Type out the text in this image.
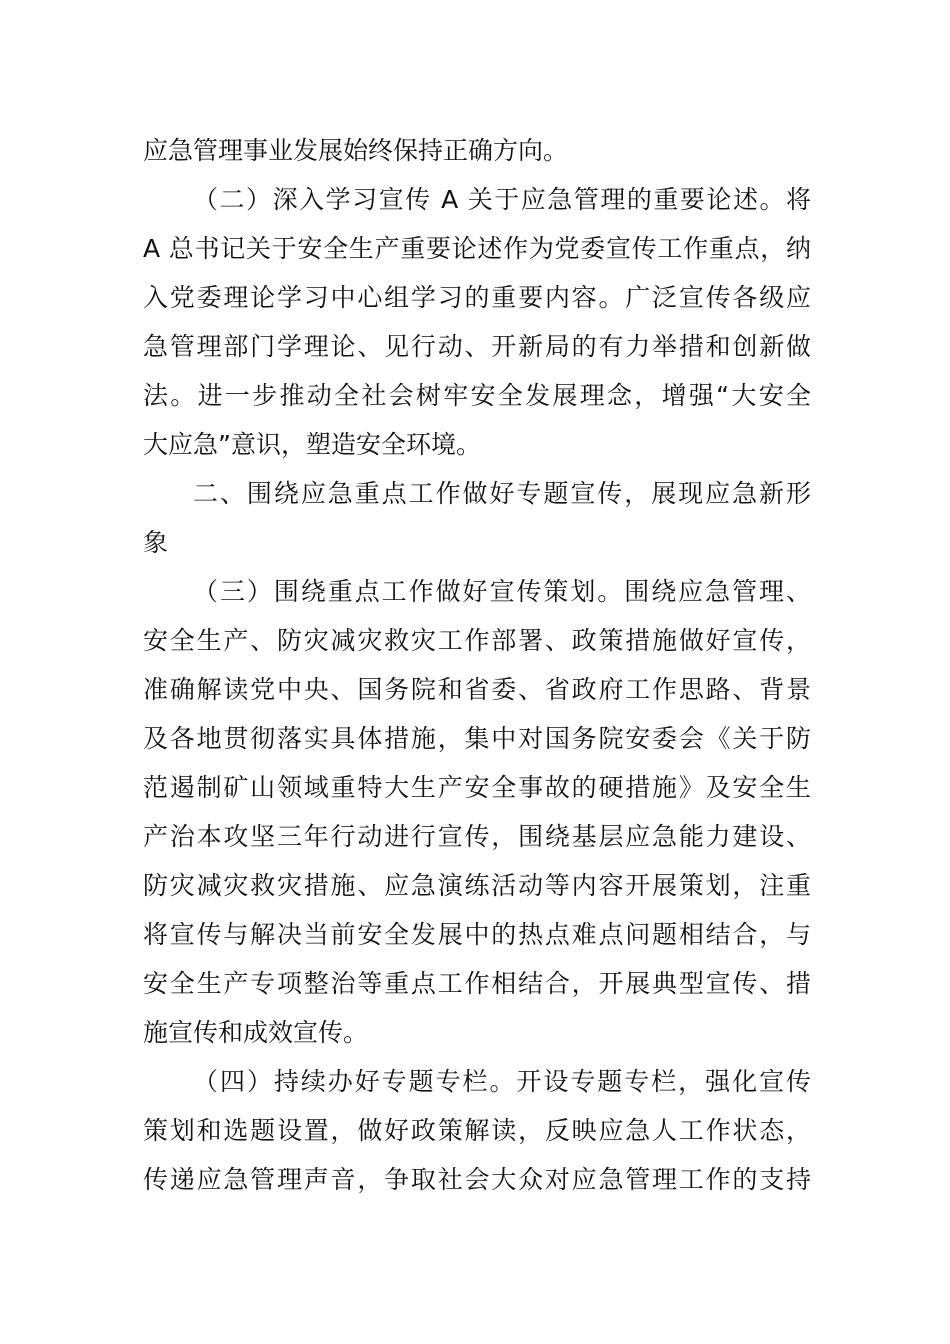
应急管理事业发展始终保持正确方向。
（二）深入学习宣传 A 关于应急管理的重要论述。将
A 总书记关于安全生产重要论述作为党委宣传工作重点，纳
入党委理论学习中心组学习的重要内容。广泛宣传各级应
急管理部门学理论、见行动、开新局的有力举措和创新做
法。进一步推动全社会树牢安全发展理念，增强“大安全
大应急”意识，塑造安全环境。
二、围绕应急重点工作做好专题宣传，展现应急新形
象
（三）围绕重点工作做好宣传策划。围绕应急管理、
安全生产、防灾减灾救灾工作部署、政策措施做好宣传，
准确解读党中央、国务院和省委、省政府工作思路、背景
及各地贯彻落实具体措施，集中对国务院安委会《关于防
范遏制矿山领域重特大生产安全事故的硬措施》及安全生
产治本攻坚三年行动进行宣传，围绕基层应急能力建设、
防灾减灾救灾措施、应急演练活动等内容开展策划，注重
将宣传与解决当前安全发展中的热点难点问题相结合，与
安全生产专项整治等重点工作相结合，开展典型宣传、措
施宣传和成效宣传。
（四）持续办好专题专栏。开设专题专栏，强化宣传
策划和选题设置，做好政策解读，反映应急人工作状态，
传递应急管理声音，争取社会大众对应急管理工作的支持
